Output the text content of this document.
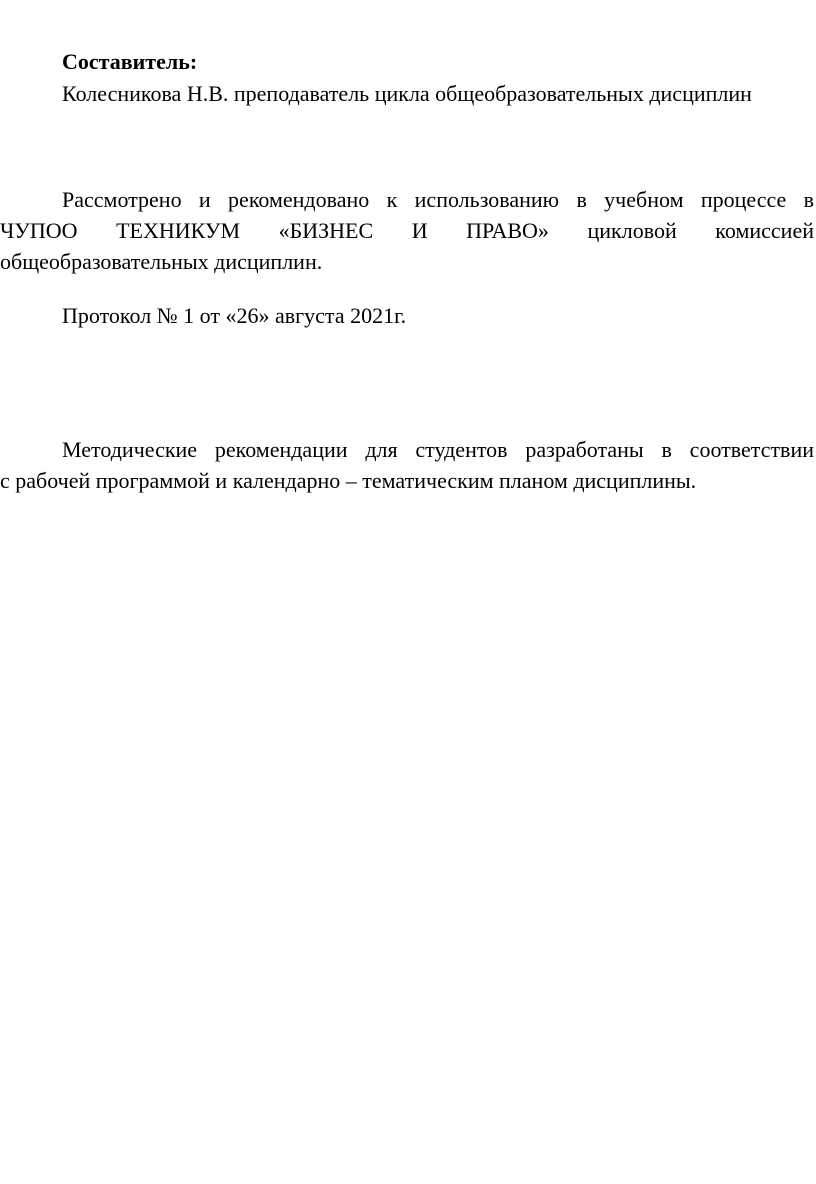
Составитель:

Колесникова Н.В. преподаватель цикла общеобразовательных дисциплин

Рассмотрено и рекомендовано к использованию в учебном процессе в

ЧУПОО ТЕХНИКУМ «БИЗНЕС И ПРАВО» цикловой комиссией

общеобразовательных дисциплин.

Протокол № 1 от «26» августа 2021г.

Методические рекомендации для студентов разработаны в соответствии

с рабочей программой и календарно – тематическим планом дисциплины.
